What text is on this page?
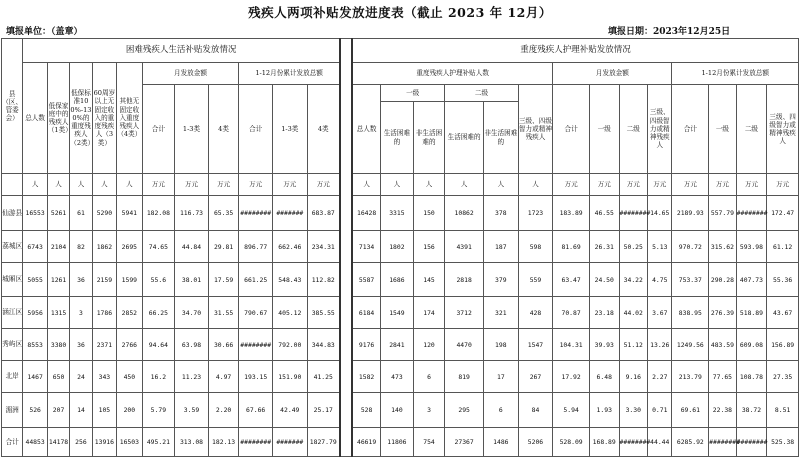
残疾人两项补贴发放进度表（截止 2023 年 12月）
填报单位：（盖章）	填报日期：2023年12月25日
县（区、管委会）	困难残疾人生活补贴发放情况												重度残疾人护理补贴发放情况													
	总人数	低保家庭中的残疾人（1类）	低保标准100%-130%的重度残疾人（2类）	60周岁以上无固定收入的重度残疾人（3类）	其他无固定收入重度残疾人（4类）	月发放金额			1-12月份累计发放总额				重度残疾人护理补贴人数						月发放金额				1-12月份累计发放总额			
						合计	1-3类	4类	合计	1-3类	4类		总人数	一级		二级		三级、四级智力或精神残疾人	合计	一级	二级	三级、四级智力或精神残疾人	合计	一级	二级	三级、四级智力或精神残疾人
														生活困难的	非生活困难的	生活困难的	非生活困难的									
	人	人	人	人	人	万元	万元	万元	万元	万元	万元		人	人	人	人	人	人	万元	万元	万元	万元	万元	万元	万元	万元
仙游县	16553	5261	61	5290	5941	182.08	116.73	65.35	########	#######	683.87		16428	3315	150	10862	378	1723	183.89	46.55	########	14.65	2189.93	557.79	########	172.47
荔城区	6743	2104	82	1862	2695	74.65	44.84	29.81	896.77	662.46	234.31		7134	1802	156	4391	187	598	81.69	26.31	50.25	5.13	970.72	315.62	593.98	61.12
城厢区	5055	1261	36	2159	1599	55.6	38.01	17.59	661.25	548.43	112.82		5587	1686	145	2818	379	559	63.47	24.50	34.22	4.75	753.37	290.28	407.73	55.36
涵江区	5956	1315	3	1786	2852	66.25	34.70	31.55	790.67	405.12	385.55		6184	1549	174	3712	321	428	70.87	23.18	44.02	3.67	838.95	276.39	518.89	43.67
秀屿区	8553	3380	36	2371	2766	94.64	63.98	30.66	########	792.00	344.83		9176	2841	120	4470	198	1547	104.31	39.93	51.12	13.26	1249.56	483.59	609.08	156.89
北岸	1467	650	24	343	450	16.2	11.23	4.97	193.15	151.90	41.25		1582	473	6	819	17	267	17.92	6.48	9.16	2.27	213.79	77.65	108.78	27.35
湄洲	526	207	14	105	200	5.79	3.59	2.20	67.66	42.49	25.17		528	140	3	295	6	84	5.94	1.93	3.30	0.71	69.61	22.38	38.72	8.51
合计	44853	14178	256	13916	16503	495.21	313.08	182.13	########	#######	1827.79		46619	11806	754	27367	1486	5206	528.09	168.89	########	44.44	6285.92	########	########	525.38
